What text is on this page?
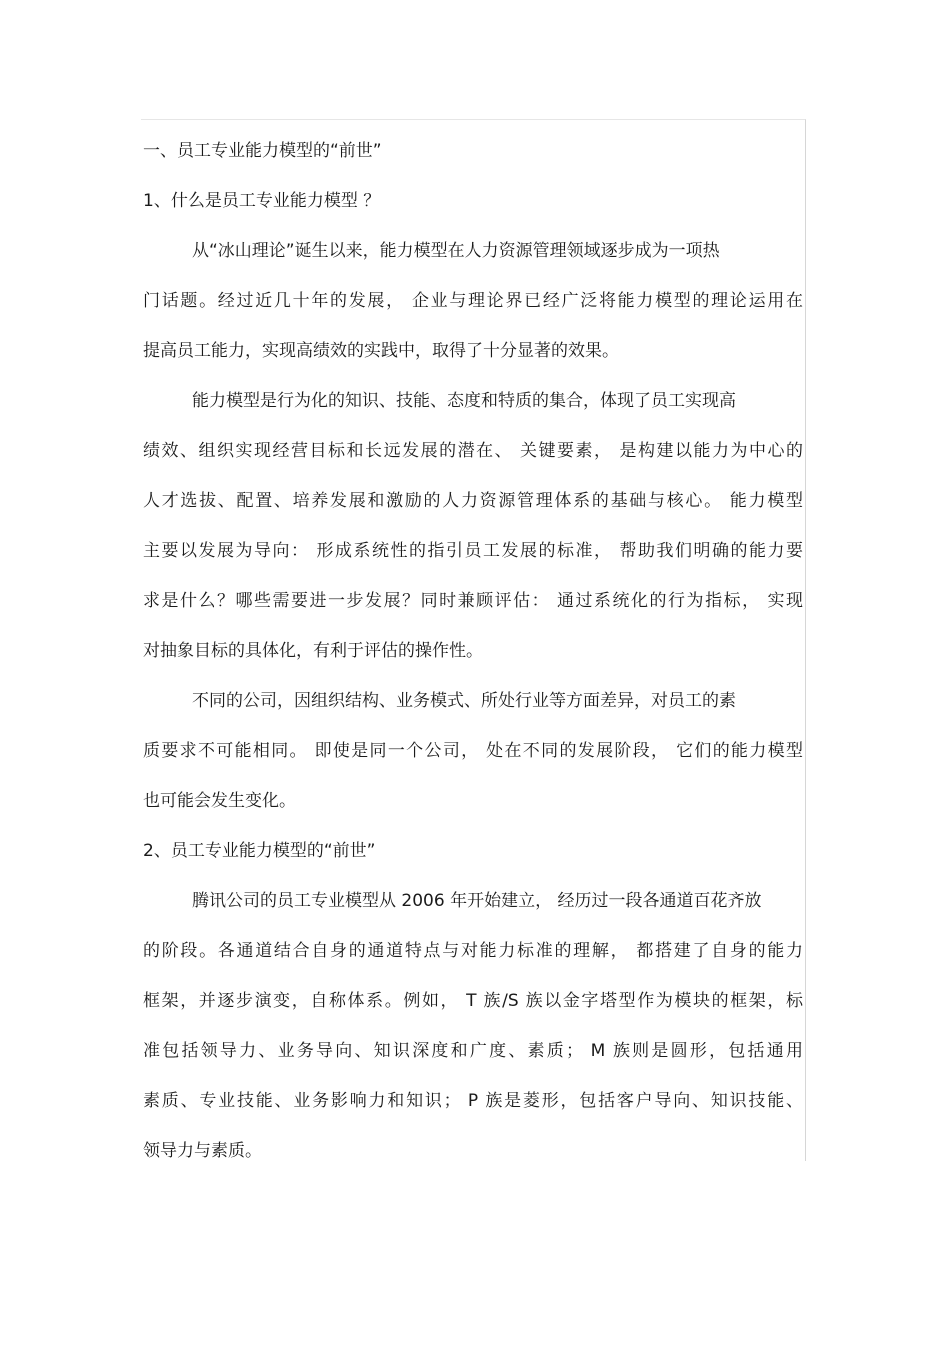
一、员工专业能力模型的“前世”
1、什么是员工专业能力模型 ？
从“冰山理论”诞生以来，能力模型在人力资源管理领域逐步成为一项热
门话题。经过近几十年的发展， 企业与理论界已经广泛将能力模型的理论运用在
提高员工能力，实现高绩效的实践中，取得了十分显著的效果。
能力模型是行为化的知识、技能、态度和特质的集合，体现了员工实现高
绩效、组织实现经营目标和长远发展的潜在、 关键要素， 是构建以能力为中心的
人才选拔、配置、培养发展和激励的人力资源管理体系的基础与核心。 能力模型
主要以发展为导向： 形成系统性的指引员工发展的标准， 帮助我们明确的能力要
求是什么？哪些需要进一步发展？同时兼顾评估： 通过系统化的行为指标， 实现
对抽象目标的具体化，有利于评估的操作性。
不同的公司，因组织结构、业务模式、所处行业等方面差异，对员工的素
质要求不可能相同。 即使是同一个公司， 处在不同的发展阶段， 它们的能力模型
也可能会发生变化。
2、员工专业能力模型的“前世”
腾讯公司的员工专业模型从 2006 年开始建立， 经历过一段各通道百花齐放
的阶段。各通道结合自身的通道特点与对能力标准的理解， 都搭建了自身的能力
框架，并逐步演变，自称体系。例如， T 族/S 族以金字塔型作为模块的框架，标
准包括领导力、业务导向、知识深度和广度、素质； M 族则是圆形，包括通用
素质、专业技能、业务影响力和知识； P 族是菱形，包括客户导向、知识技能、
领导力与素质。
